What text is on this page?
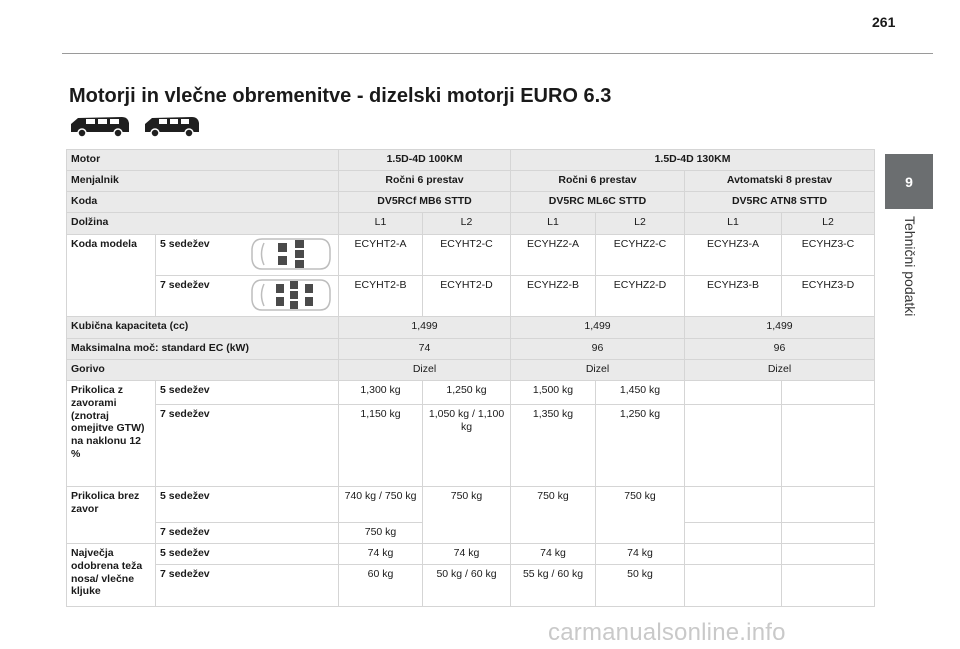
261
Motorji in vlečne obremenitve - dizelski motorji EURO 6.3
9
Tehnični podatki
Motor			1.5D-4D 100KM		1.5D-4D 130KM			
Menjalnik			Ročni 6 prestav		Ročni 6 prestav		Avtomatski 8 prestav	
Koda			DV5RCf MB6 STTD		DV5RC ML6C STTD		DV5RC ATN8 STTD	
Dolžina			L1	L2	L1	L2	L1	L2
Koda modela	5 sedežev		ECYHT2-A	ECYHT2-C	ECYHZ2-A	ECYHZ2-C	ECYHZ3-A	ECYHZ3-C
	7 sedežev		ECYHT2-B	ECYHT2-D	ECYHZ2-B	ECYHZ2-D	ECYHZ3-B	ECYHZ3-D
Kubična kapaciteta (cc)			1,499		1,499		1,499	
Maksimalna moč: standard EC (kW)			74		96		96	
Gorivo			Dizel		Dizel		Dizel	
Prikolica z zavorami (znotraj omejitve GTW) na naklonu 12 %	5 sedežev		1,300 kg	1,250 kg	1,500 kg	1,450 kg		
	7 sedežev		1,150 kg	1,050 kg / 1,100 kg	1,350 kg	1,250 kg		
Prikolica brez zavor	5 sedežev		740 kg / 750 kg	750 kg	750 kg	750 kg		
	7 sedežev		750 kg					
Največja odobrena teža nosa/ vlečne kljuke	5 sedežev		74 kg	74 kg	74 kg	74 kg		
	7 sedežev		60 kg	50 kg / 60 kg	55 kg / 60 kg	50 kg		
carmanualsonline.info
